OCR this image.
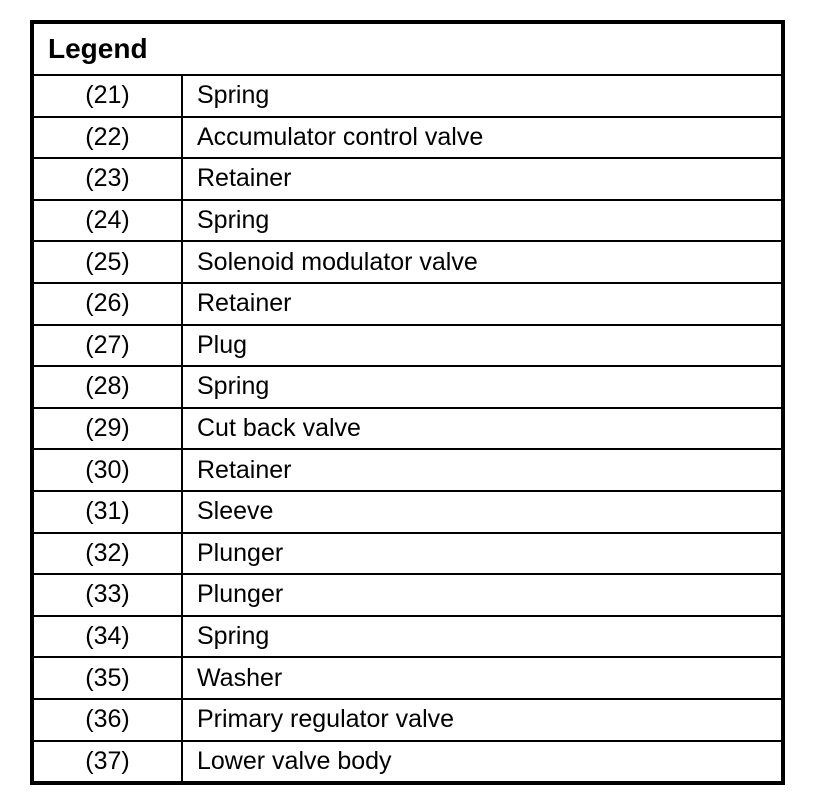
Legend
(21)	Spring
(22)	Accumulator control valve
(23)	Retainer
(24)	Spring
(25)	Solenoid modulator valve
(26)	Retainer
(27)	Plug
(28)	Spring
(29)	Cut back valve
(30)	Retainer
(31)	Sleeve
(32)	Plunger
(33)	Plunger
(34)	Spring
(35)	Washer
(36)	Primary regulator valve
(37)	Lower valve body
